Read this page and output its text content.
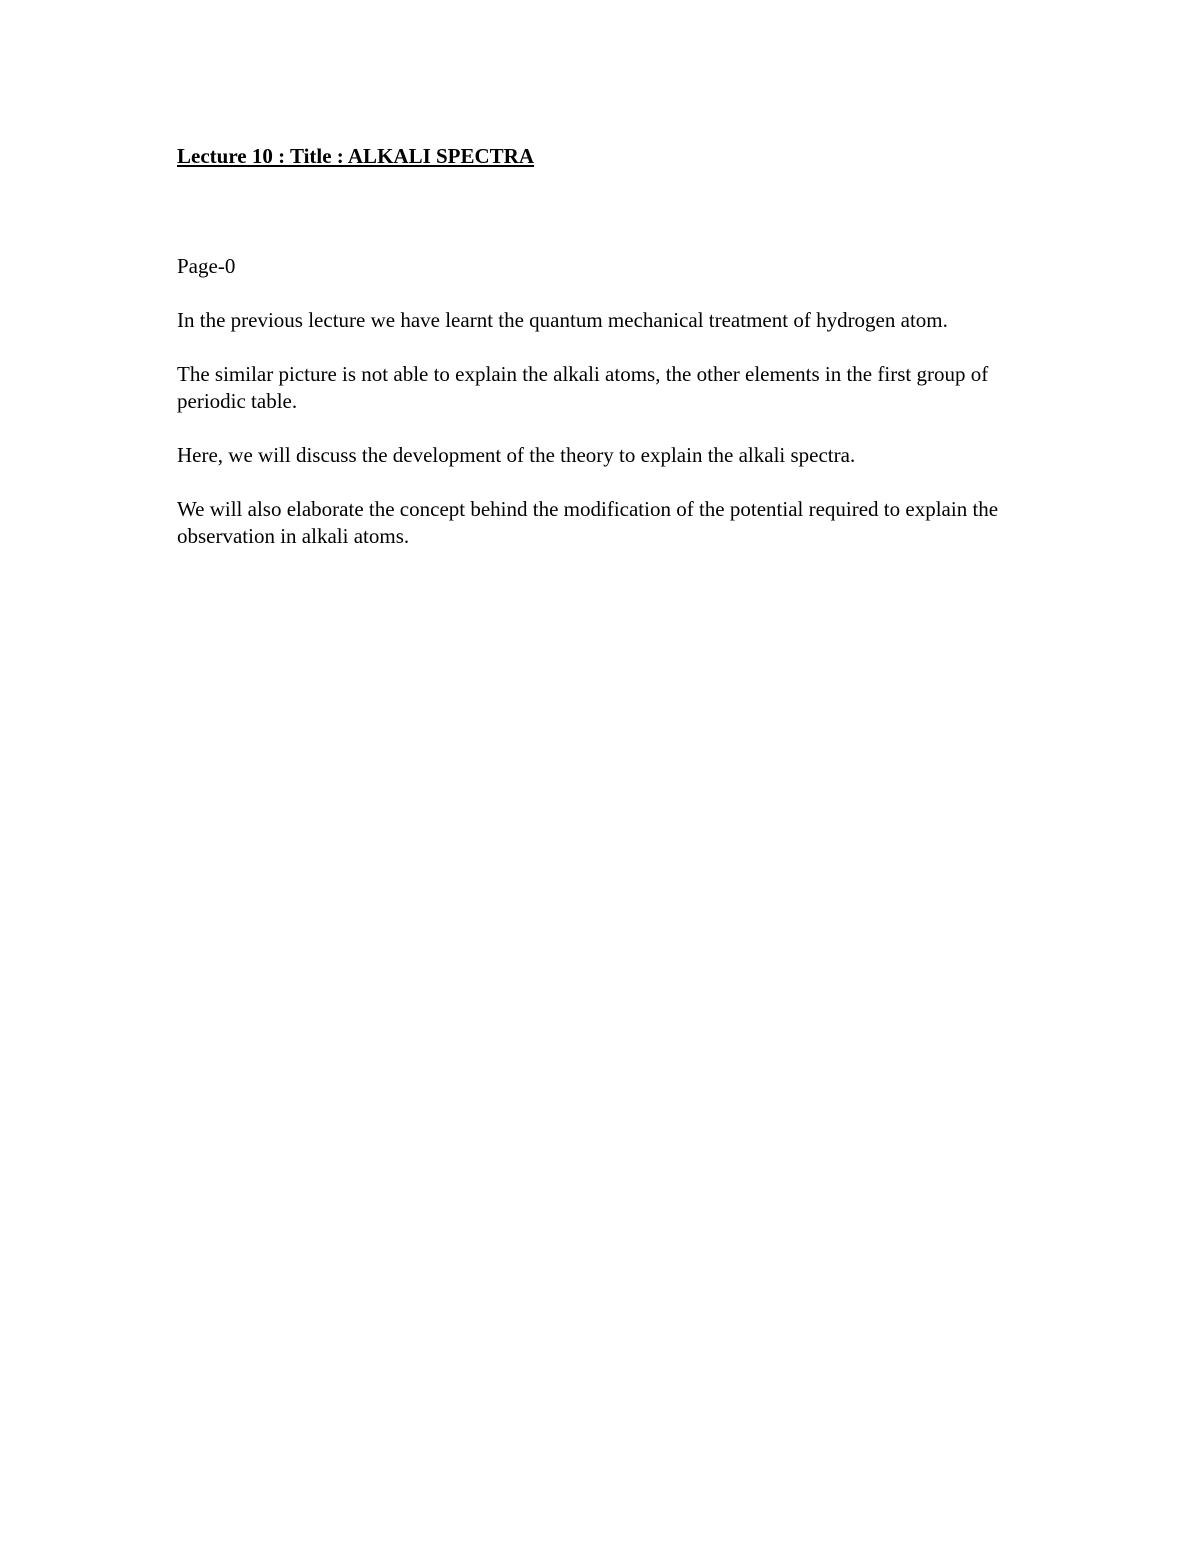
Lecture 10 : Title : ALKALI SPECTRA

Page-0

In the previous lecture we have learnt the quantum mechanical treatment of hydrogen atom.

The similar picture is not able to explain the alkali atoms, the other elements in the first group of periodic table.

Here, we will discuss the development of the theory to explain the alkali spectra.

We will also elaborate the concept behind the modification of the potential required to explain the observation in alkali atoms.
